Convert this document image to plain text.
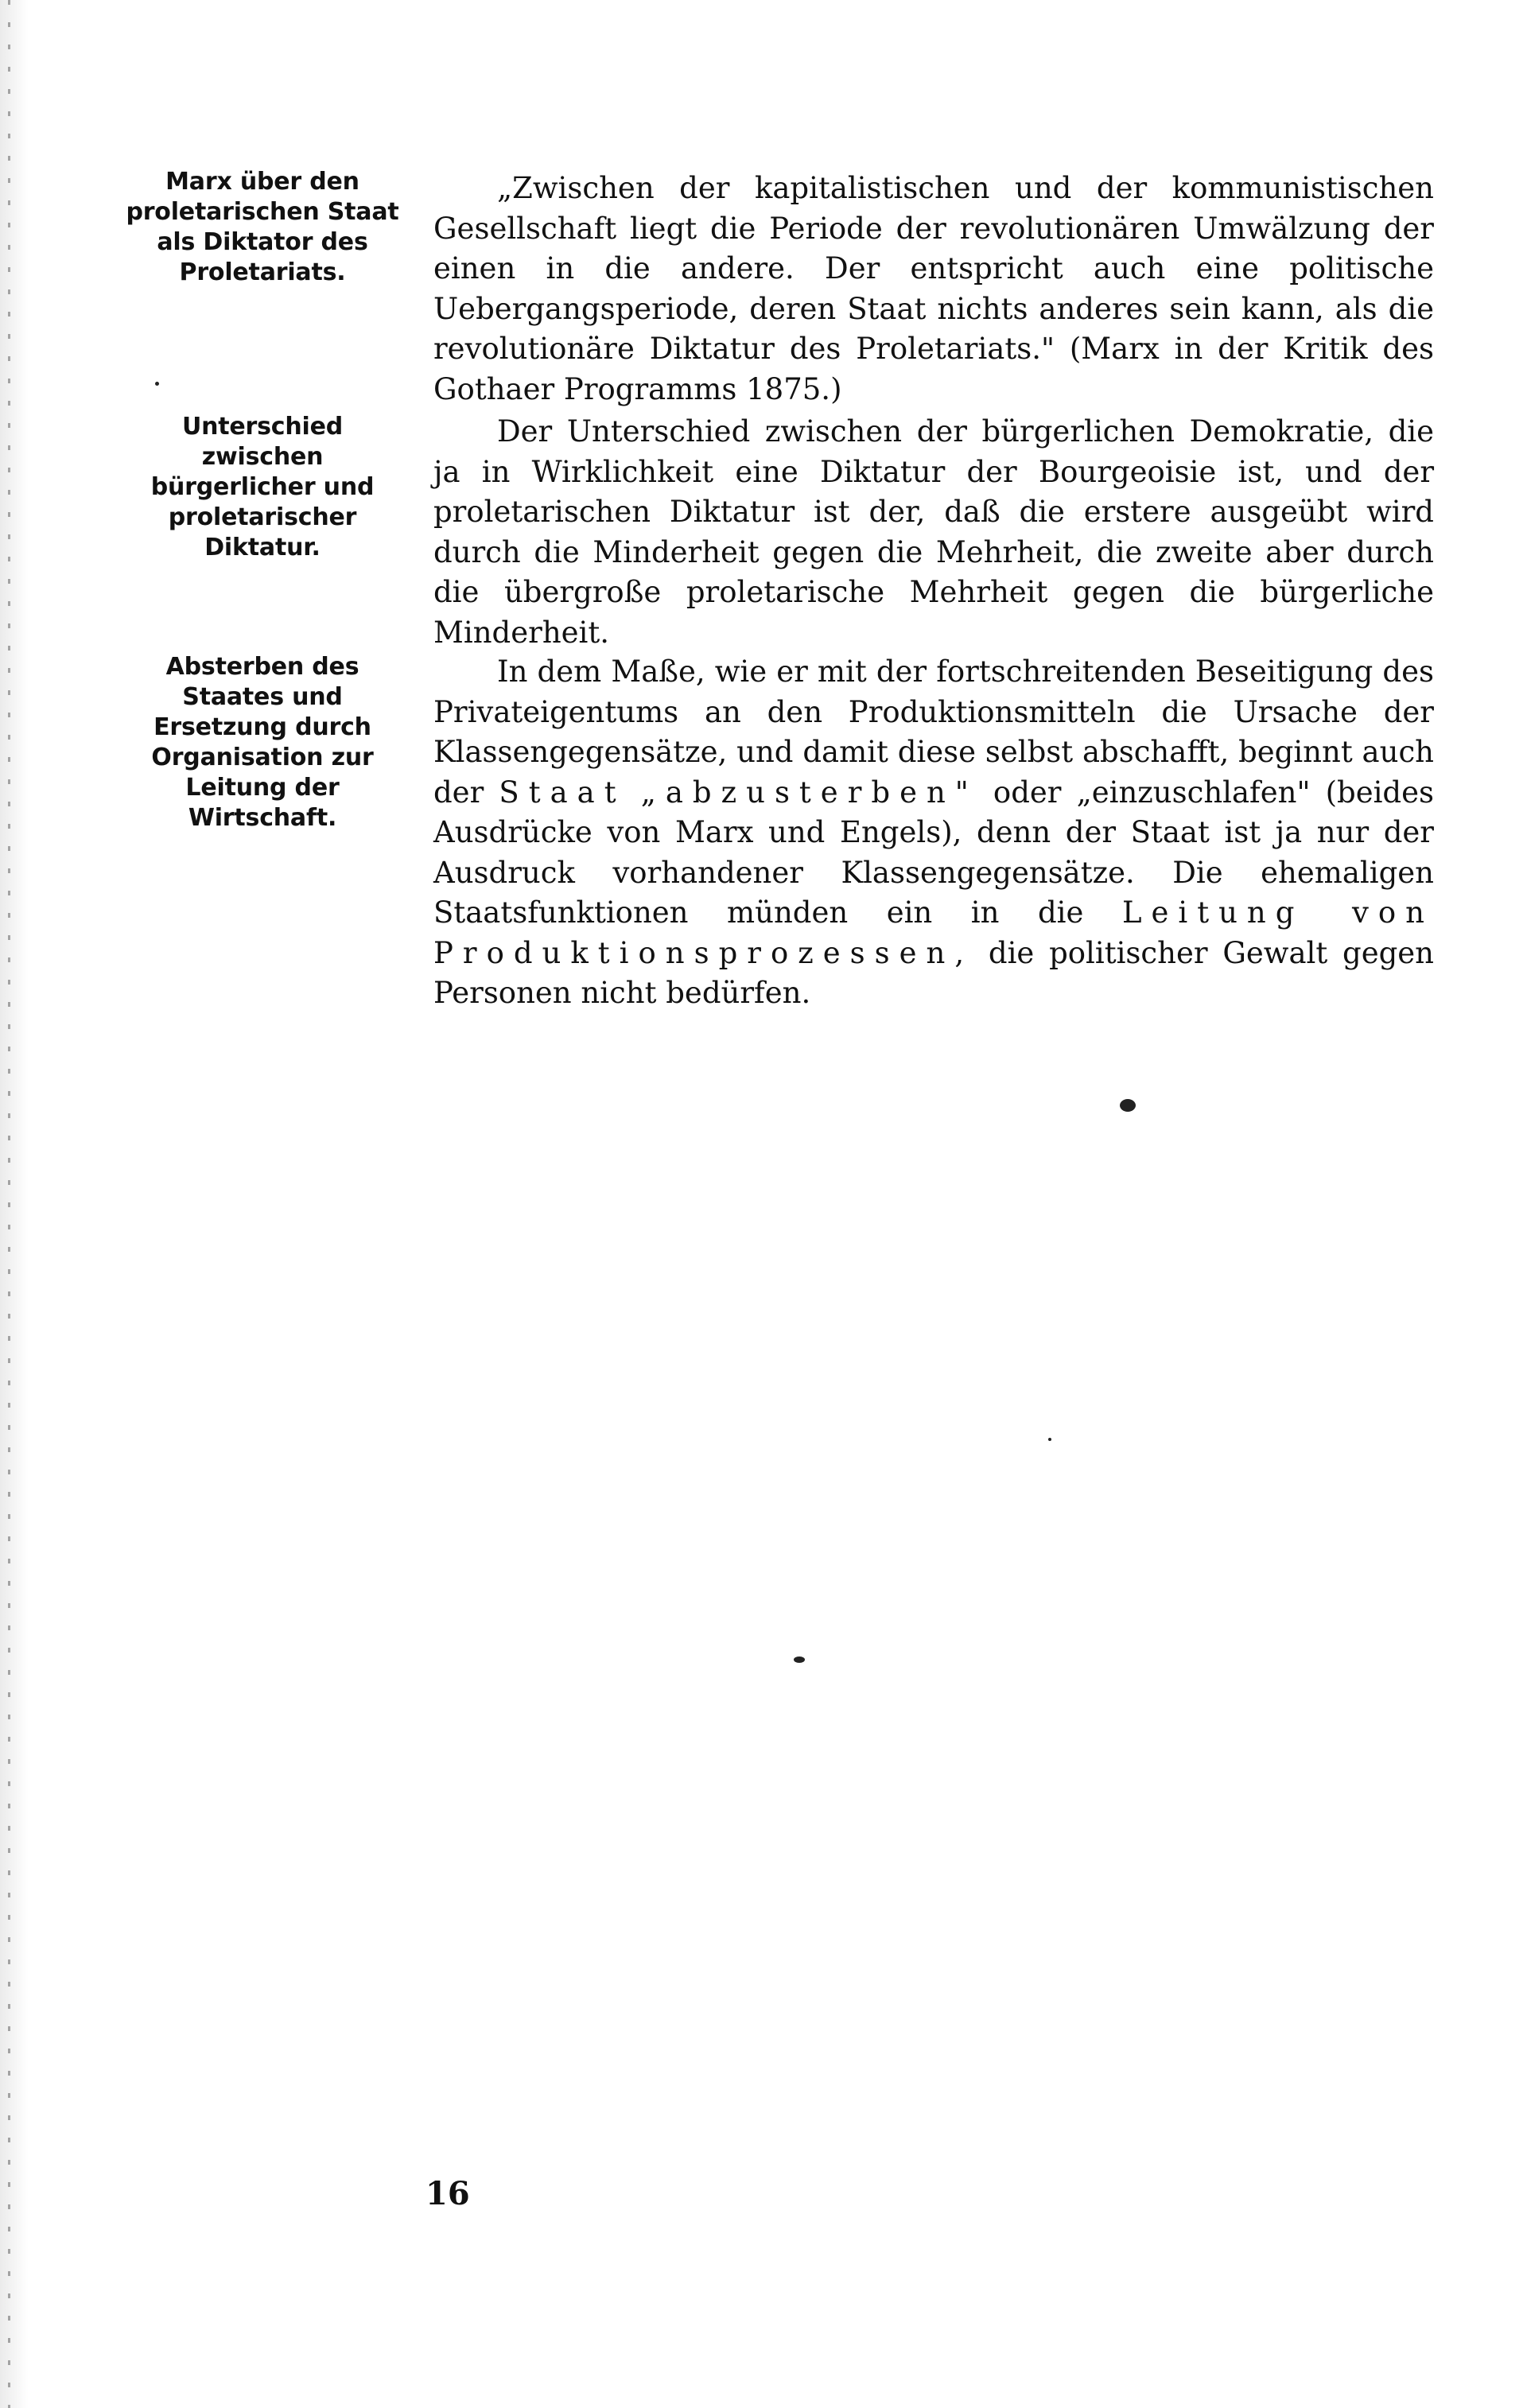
Marx über den proletarischen Staat als Diktator des Proletariats.
Unterschied zwischen bürgerlicher und proletarischer Diktatur.
Absterben des Staates und Ersetzung durch Organisation zur Leitung der Wirtschaft.

„Zwischen der kapitalistischen und der kommunistischen Gesellschaft liegt die Periode der revolutionären Umwälzung der einen in die andere. Der entspricht auch eine politische Uebergangsperiode, deren Staat nichts anderes sein kann, als die revolutionäre Diktatur des Proletariats." (Marx in der Kritik des Gothaer Programms 1875.)

Der Unterschied zwischen der bürgerlichen Demokratie, die ja in Wirklichkeit eine Diktatur der Bourgeoisie ist, und der proletarischen Diktatur ist der, daß die erstere ausgeübt wird durch die Minderheit gegen die Mehrheit, die zweite aber durch die übergroße proletarische Mehrheit gegen die bürgerliche Minderheit.

In dem Maße, wie er mit der fortschreitenden Beseitigung des Privateigentums an den Produktionsmitteln die Ursache der Klassengegensätze, und damit diese selbst abschafft, beginnt auch der Staat „abzusterben" oder „einzuschlafen" (beides Ausdrücke von Marx und Engels), denn der Staat ist ja nur der Ausdruck vorhandener Klassengegensätze. Die ehemaligen Staatsfunktionen münden ein in die Leitung von Produktionsprozessen, die politischer Gewalt gegen Personen nicht bedürfen.

16
